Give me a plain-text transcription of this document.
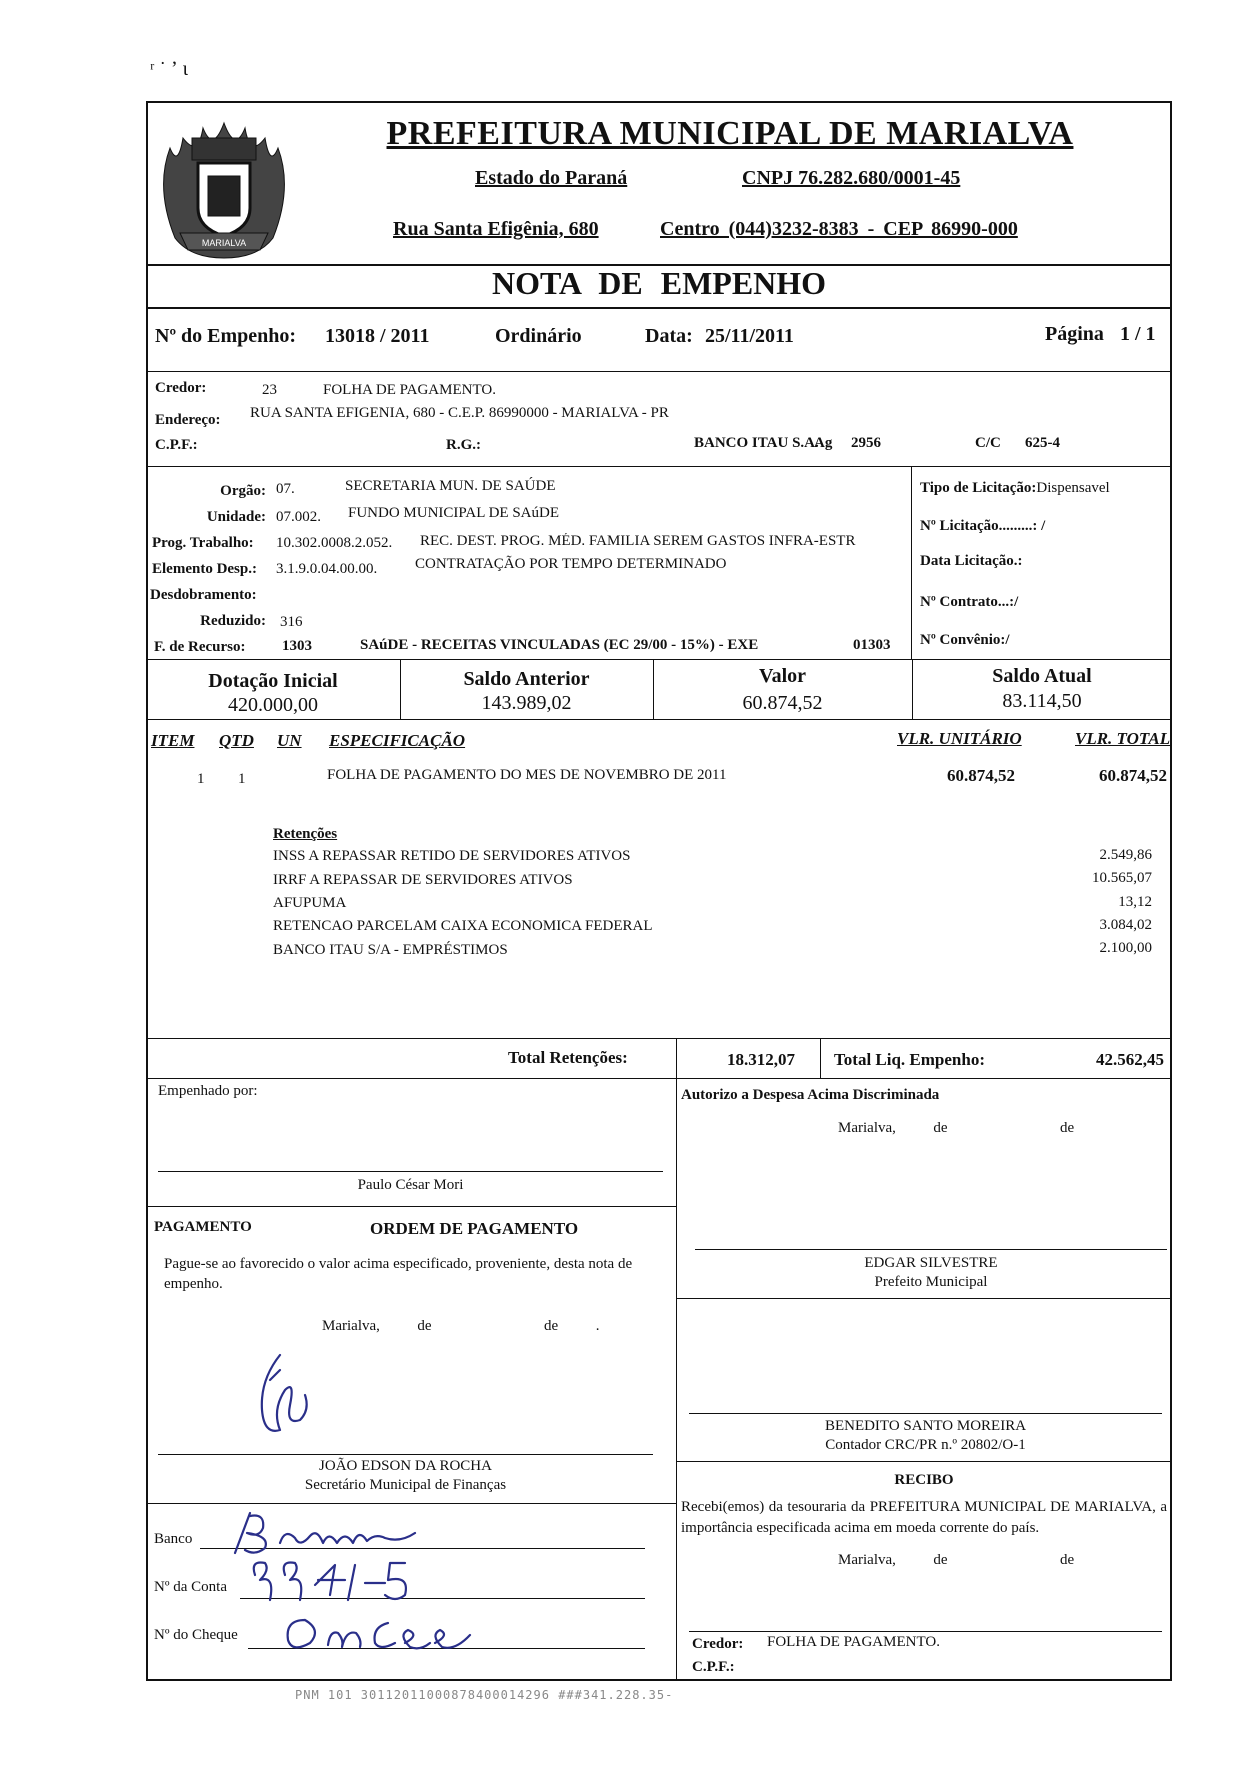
ʳ ˙ ʼ ɩ
MARIALVA
PREFEITURA MUNICIPAL DE MARIALVA
Estado do Paraná	CNPJ 76.282.680/0001-45
Rua Santa Efigênia, 680	Centro (044)3232-8383 - CEP 86990-000
NOTA DE EMPENHO
Nº do Empenho: 13018 / 2011	Ordinário	Data: 25/11/2011	Página 1 / 1
Credor:	23	FOLHA DE PAGAMENTO.
Endereço: RUA SANTA EFIGENIA, 680 - C.E.P. 86990000 - MARIALVA - PR
C.P.F.:	R.G.:	BANCO ITAU S.A.
Ag 2956	C/C 625-4
Orgão: 07.	SECRETARIA MUN. DE SAÚDE
Unidade: 07.002. FUNDO MUNICIPAL DE SAúDE
Prog. Trabalho: 10.302.0008.2.052. REC. DEST. PROG. MÉD. FAMILIA SEREM GASTOS INFRA-ESTR
Elemento Desp.: 3.1.9.0.04.00.00.	CONTRATAÇÃO POR TEMPO DETERMINADO
Desdobramento:
Reduzido: 316
F. de Recurso: 1303	SAúDE - RECEITAS VINCULADAS (EC 29/00 - 15%) - EXE	01303
Tipo de Licitação:Dispensavel
Nº Licitação.........: /
Data Licitação.:
Nº Contrato...:/
Nº Convênio:/
Dotação Inicial
420.000,00
Saldo Anterior
143.989,02
Valor
60.874,52
Saldo Atual
83.114,50
ITEM QTD UN ESPECIFICAÇÃO	VLR. UNITÁRIO	VLR. TOTAL
1 1	FOLHA DE PAGAMENTO DO MES DE NOVEMBRO DE 2011	60.874,52	60.874,52
Retenções
INSS A REPASSAR RETIDO DE SERVIDORES ATIVOS	2.549,86
IRRF A REPASSAR DE SERVIDORES ATIVOS	10.565,07
AFUPUMA	13,12
RETENCAO PARCELAM CAIXA ECONOMICA FEDERAL	3.084,02
BANCO ITAU S/A - EMPRÉSTIMOS	2.100,00
Total Retenções:	18.312,07 Total Liq. Empenho:	42.562,45
Empenhado por:	Autorizo a Despesa Acima Discriminada
Marialva,          de                              de
Paulo César Mori
PAGAMENTO	ORDEM DE PAGAMENTO
Pague-se ao favorecido o valor acima especificado, proveniente, desta nota de empenho.
Marialva,          de                              de          .
EDGAR SILVESTRE
Prefeito Municipal
BENEDITO SANTO MOREIRA
Contador CRC/PR n.º 20802/O-1
JOÃO EDSON DA ROCHA
Secretário Municipal de Finanças	RECIBO
Recebi(emos) da tesouraria da PREFEITURA MUNICIPAL DE MARIALVA, a importância especificada acima em moeda corrente do país.
Marialva,          de                              de
Banco
Nº da Conta
Nº do Cheque
Credor: FOLHA DE PAGAMENTO.
C.P.F.:
PNM 101 30112011000878400014296 ###341.228.35-
